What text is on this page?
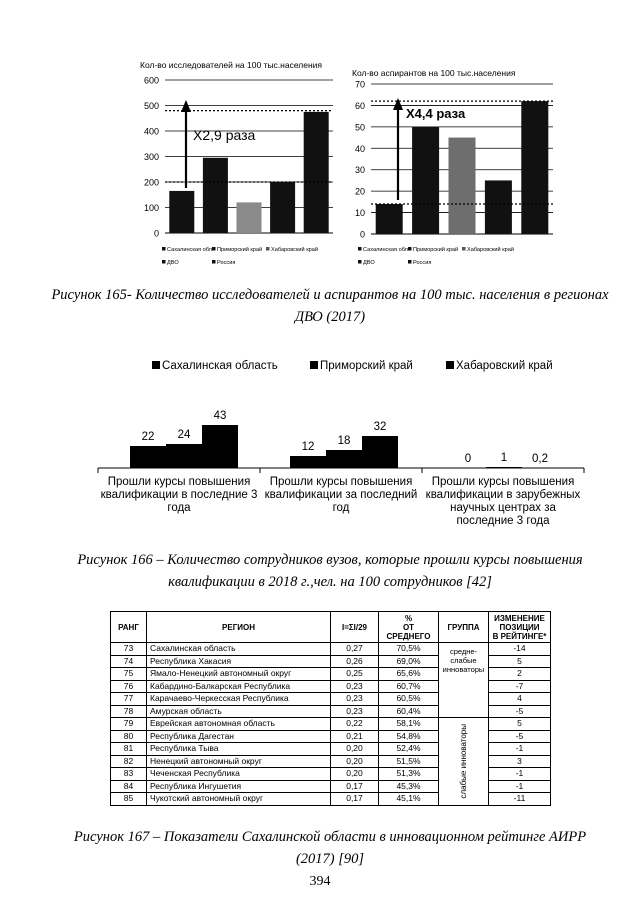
Кол-во исследователей на 100 тыс.населения
0
100
200
300
400
500
600
X2,9 раза
Кол-во аспирантов на 100 тыс.населения
0
10
20
30
40
50
60
70
X4,4 раза
Сахалинская обл Приморский край Хабаровский край
ДВО	Россия
Сахалинская обл Приморский край Хабаровский край
ДВО	Россия
Рисунок 165- Количество исследователей и аспирантов на 100 тыс. населения в регионах
ДВО (2017)
Сахалинская область	Приморский край	Хабаровский край
22
12
0
24	18
1
43
32
0,2
Прошли курсы повышения
квалификации в последние 3
года
Прошли курсы повышения
квалификации за последний
год
Прошли курсы повышения
квалификации в зарубежных
научных центрах за
последние 3 года
Рисунок 166 – Количество сотрудников вузов, которые прошли курсы повышения
квалификации в 2018 г.,чел. на 100 сотрудников [42]
РАНГ	РЕГИОН	I=ΣI/29	%
ОТ СРЕДНЕГО	ГРУППА	ИЗМЕНЕНИЕ
ПОЗИЦИИ
В РЕЙТИНГЕ*
73	Сахалинская область	0,27	70,5%	средне-
слабые
инноваторы	-14
74	Республика Хакасия	0,26	69,0%		5
75	Ямало-Ненецкий автономный округ	0,25	65,6%		2
76	Кабардино-Балкарская Республика	0,23	60,7%		-7
77	Карачаево-Черкесская Республика	0,23	60,5%		4
78	Амурская область	0,23	60,4%		-5
79	Еврейская автономная область	0,22	58,1%	слабые инноваторы	5
80	Республика Дагестан	0,21	54,8%		-5
81	Республика Тыва	0,20	52,4%		-1
82	Ненецкий автономный округ	0,20	51,5%		3
83	Чеченская Республика	0,20	51,3%		-1
84	Республика Ингушетия	0,17	45,3%		-1
85	Чукотский автономный округ	0,17	45,1%		-11
Рисунок 167 – Показатели Сахалинской области в инновационном рейтинге АИРР
(2017) [90]
394
